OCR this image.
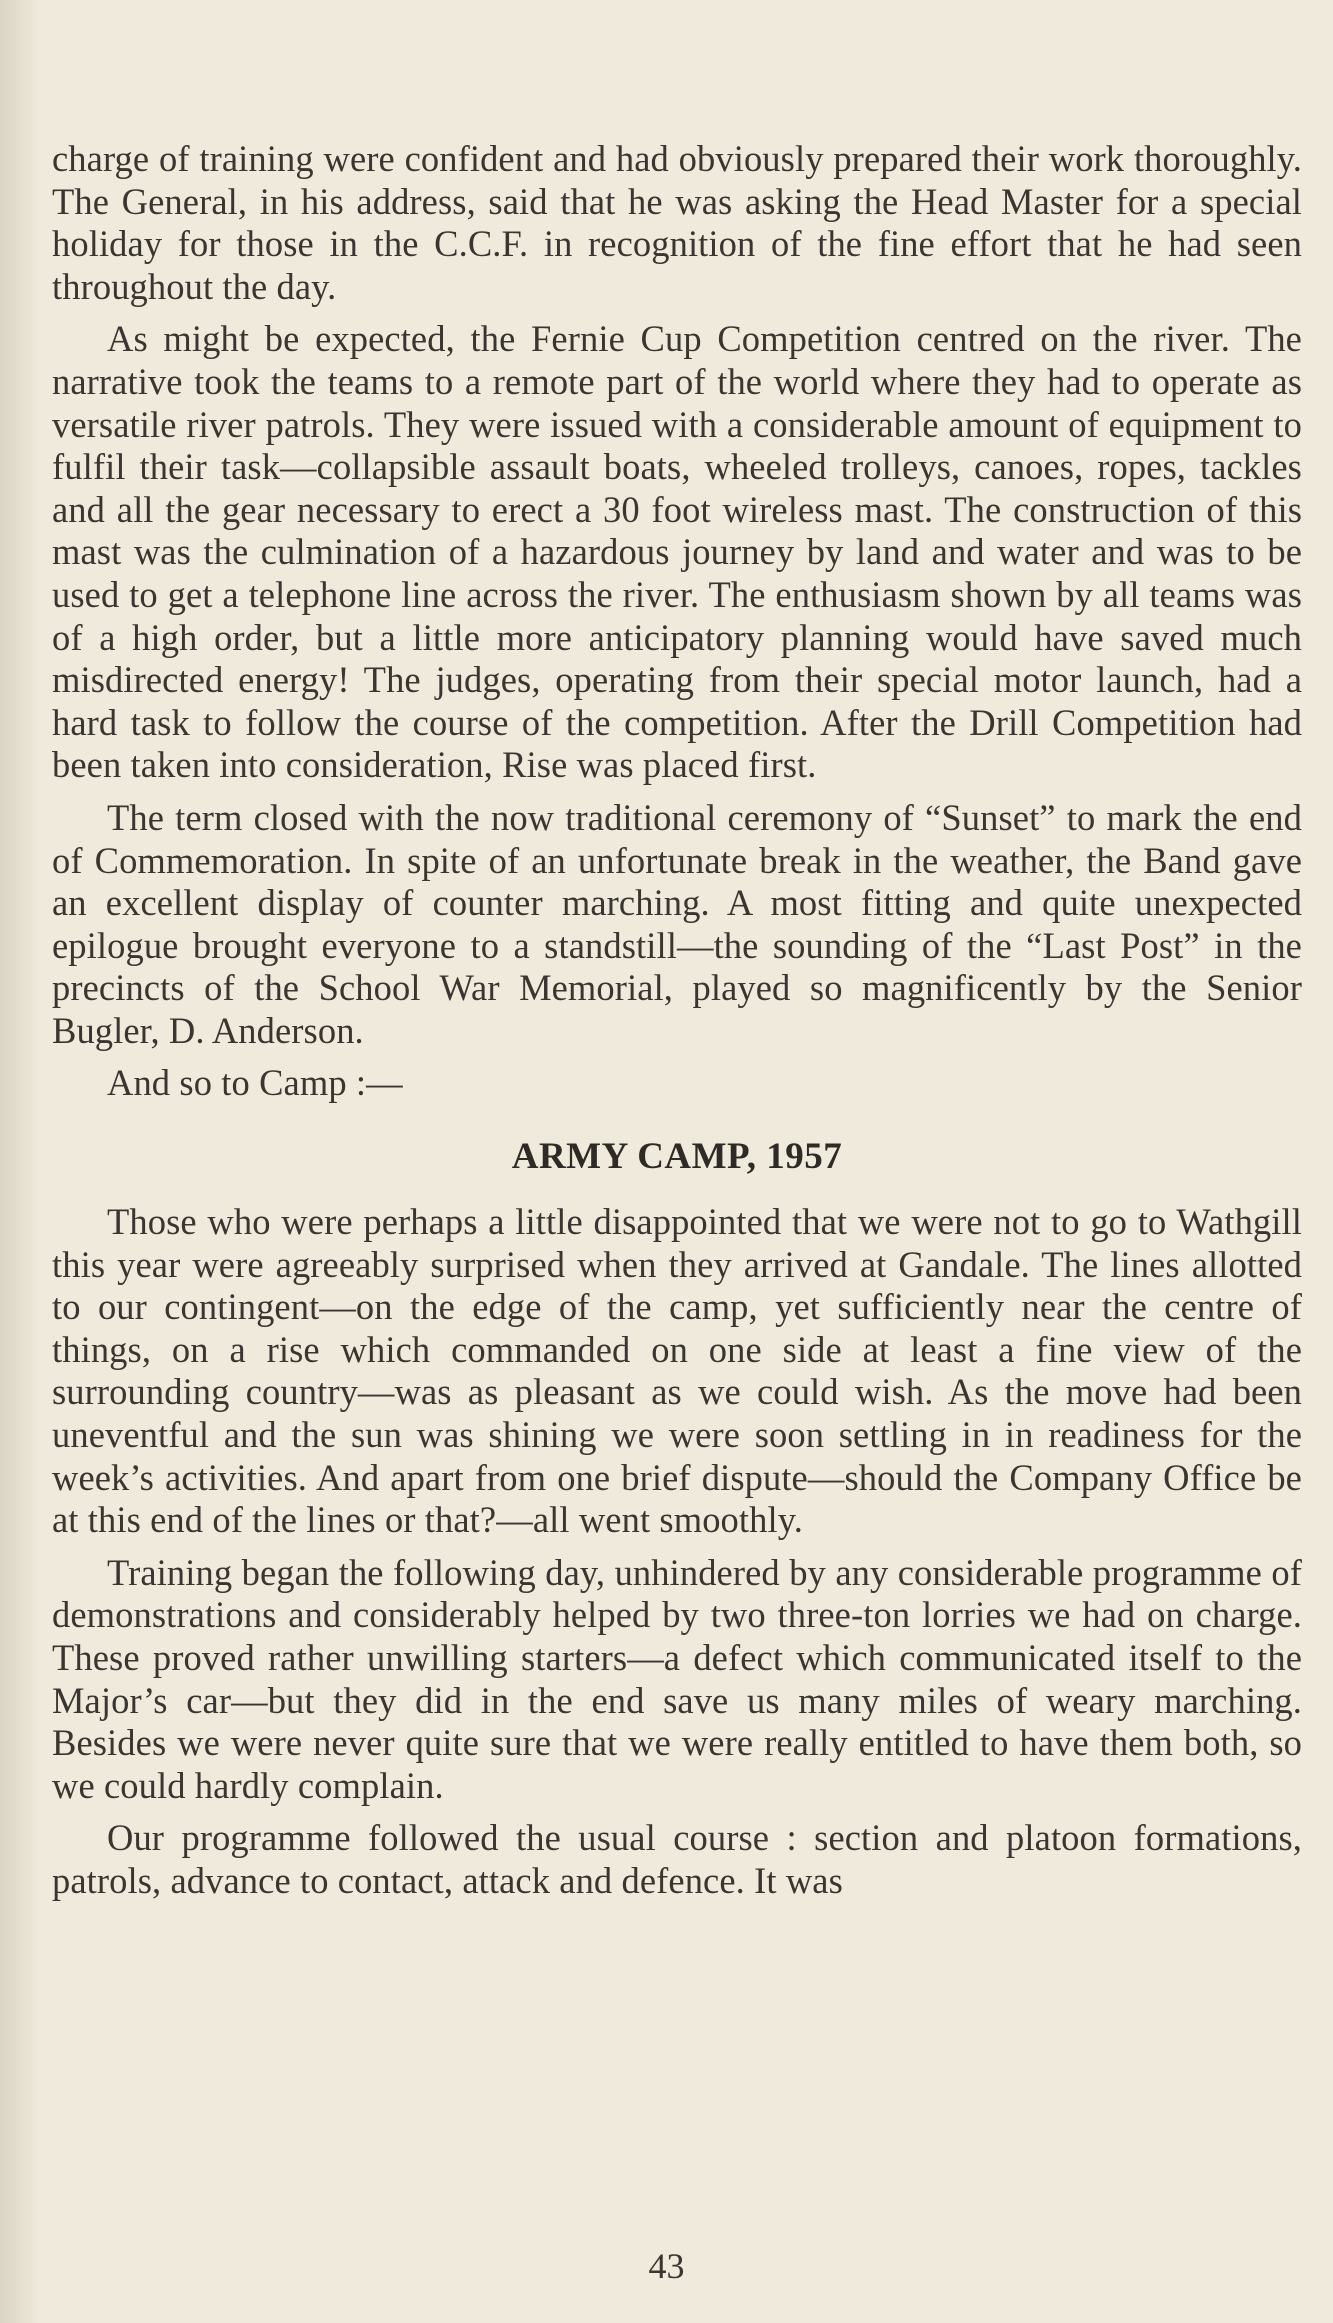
charge of training were confident and had obviously prepared their work thoroughly. The General, in his address, said that he was asking the Head Master for a special holiday for those in the C.C.F. in recognition of the fine effort that he had seen throughout the day.

As might be expected, the Fernie Cup Competition centred on the river. The narrative took the teams to a remote part of the world where they had to operate as versatile river patrols. They were issued with a considerable amount of equipment to fulfil their task—collapsible assault boats, wheeled trolleys, canoes, ropes, tackles and all the gear necessary to erect a 30 foot wireless mast. The construction of this mast was the culmination of a hazardous journey by land and water and was to be used to get a telephone line across the river. The enthusiasm shown by all teams was of a high order, but a little more anticipatory planning would have saved much misdirected energy! The judges, operating from their special motor launch, had a hard task to follow the course of the competition. After the Drill Competition had been taken into consideration, Rise was placed first.

The term closed with the now traditional ceremony of “Sunset” to mark the end of Commemoration. In spite of an unfortunate break in the weather, the Band gave an excellent display of counter marching. A most fitting and quite unexpected epilogue brought everyone to a standstill—the sounding of the “Last Post” in the precincts of the School War Memorial, played so magnificently by the Senior Bugler, D. Anderson.

And so to Camp :—

ARMY CAMP, 1957

Those who were perhaps a little disappointed that we were not to go to Wathgill this year were agreeably surprised when they arrived at Gandale. The lines allotted to our contingent—on the edge of the camp, yet sufficiently near the centre of things, on a rise which commanded on one side at least a fine view of the surrounding country—was as pleasant as we could wish. As the move had been uneventful and the sun was shining we were soon settling in in readiness for the week’s activities. And apart from one brief dispute—should the Company Office be at this end of the lines or that?—all went smoothly.

Training began the following day, unhindered by any considerable programme of demonstrations and considerably helped by two three-ton lorries we had on charge. These proved rather unwilling starters—a defect which communicated itself to the Major’s car—but they did in the end save us many miles of weary marching. Besides we were never quite sure that we were really entitled to have them both, so we could hardly complain.

Our programme followed the usual course : section and platoon formations, patrols, advance to contact, attack and defence. It was

43
